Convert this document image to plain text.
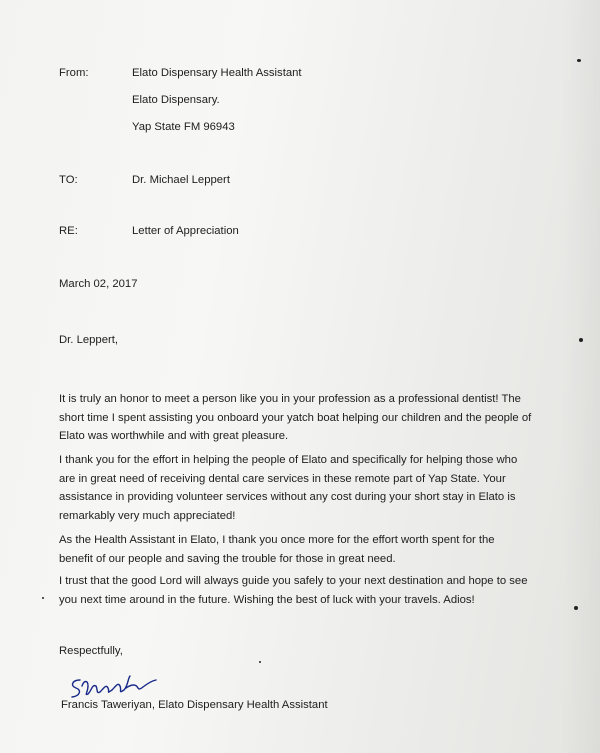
From:	Elato Dispensary Health Assistant
Elato Dispensary.
Yap State FM 96943
TO:	Dr. Michael Leppert
RE:	Letter of Appreciation
March 02, 2017
Dr. Leppert,
It is truly an honor to meet a person like you in your profession as a professional dentist! The
short time I spent assisting you onboard your yatch boat helping our children and the people of
Elato was worthwhile and with great pleasure.
I thank you for the effort in helping the people of Elato and specifically for helping those who
are in great need of receiving dental care services in these remote part of Yap State. Your
assistance in providing volunteer services without any cost during your short stay in Elato is
remarkably very much appreciated!
As the Health Assistant in Elato, I thank you once more for the effort worth spent for the
benefit of our people and saving the trouble for those in great need.
I trust that the good Lord will always guide you safely to your next destination and hope to see
you next time around in the future. Wishing the best of luck with your travels. Adios!
Respectfully,
Francis Taweriyan, Elato Dispensary Health Assistant
